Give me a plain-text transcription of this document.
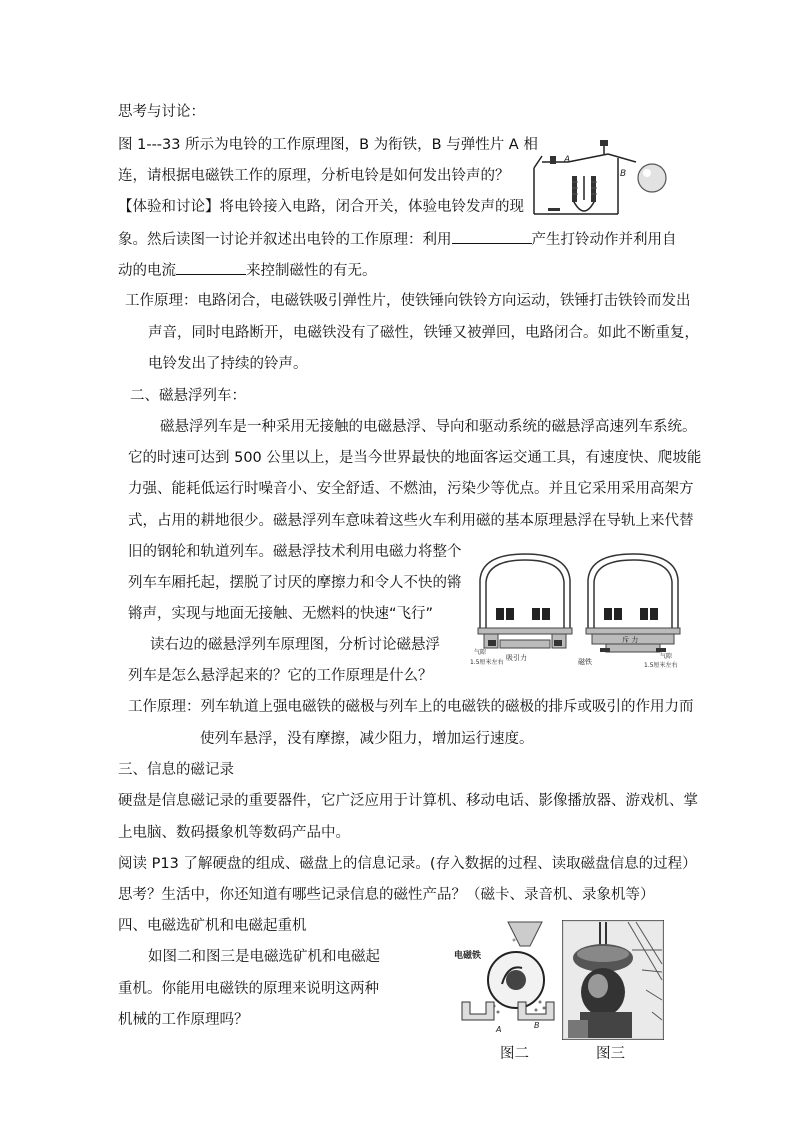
思考与讨论：
图 1---33 所示为电铃的工作原理图，B 为衔铁，B 与弹性片 A 相
连，请根据电磁铁工作的原理，分析电铃是如何发出铃声的？
【体验和讨论】将电铃接入电路，闭合开关，体验电铃发声的现
象。然后读图一讨论并叙述出电铃的工作原理：利用	产生打铃动作并利用自
动的电流	来控制磁性的有无。
工作原理：电路闭合，电磁铁吸引弹性片，使铁锤向铁铃方向运动，铁锤打击铁铃而发出
声音，同时电路断开，电磁铁没有了磁性，铁锤又被弹回，电路闭合。如此不断重复，
电铃发出了持续的铃声。
A
B
二、磁悬浮列车：
磁悬浮列车是一种采用无接触的电磁悬浮、导向和驱动系统的磁悬浮高速列车系统。
它的时速可达到 500 公里以上，是当今世界最快的地面客运交通工具，有速度快、爬坡能
力强、能耗低运行时噪音小、安全舒适、不燃油，污染少等优点。并且它采用采用高架方
式，占用的耕地很少。磁悬浮列车意味着这些火车利用磁的基本原理悬浮在导轨上来代替
旧的钢轮和轨道列车。磁悬浮技术利用电磁力将整个
列车车厢托起，摆脱了讨厌的摩擦力和令人不快的锵
锵声，实现与地面无接触、无燃料的快速“飞行”
读右边的磁悬浮列车原理图，分析讨论磁悬浮
列车是怎么悬浮起来的？它的工作原理是什么？
工作原理：列车轨道上强电磁铁的磁极与列车上的电磁铁的磁极的排斥或吸引的作用力而
使列车悬浮，没有摩擦，减少阻力，增加运行速度。
气隙
1.5厘米左右
吸引力	磁铁
斥 力
气隙
1.5厘米左右
三、信息的磁记录
硬盘是信息磁记录的重要器件，它广泛应用于计算机、移动电话、影像播放器、游戏机、掌
上电脑、数码摄象机等数码产品中。
阅读 P13 了解硬盘的组成、磁盘上的信息记录。(存入数据的过程、读取磁盘信息的过程）
思考？生活中，你还知道有哪些记录信息的磁性产品？（磁卡、录音机、录象机等）
四、电磁选矿机和电磁起重机
如图二和图三是电磁选矿机和电磁起
重机。你能用电磁铁的原理来说明这两种
机械的工作原理吗？
电磁铁
A	B
图二	图三
